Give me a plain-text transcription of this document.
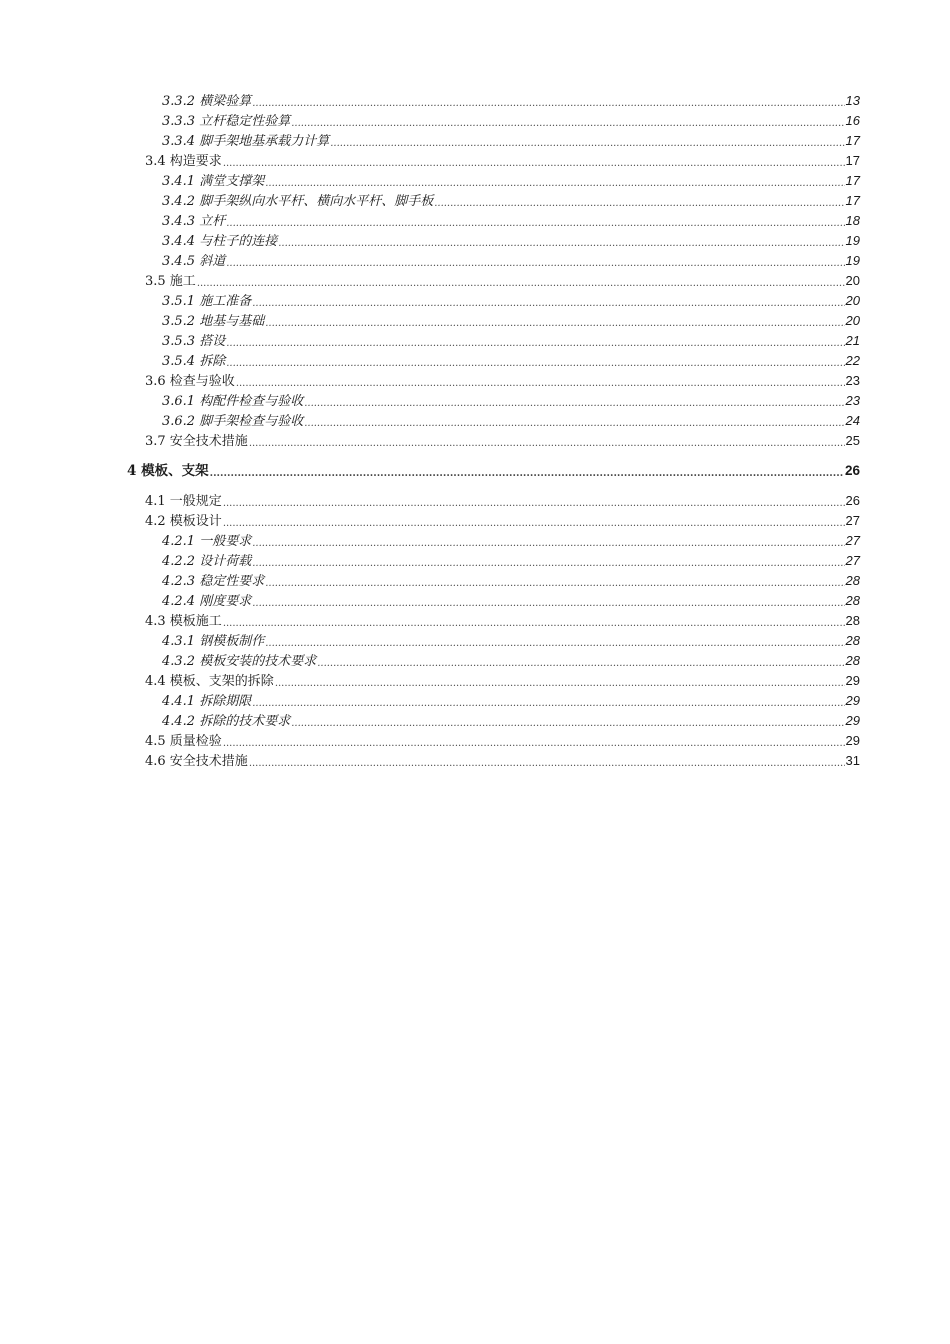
3.3.2 横梁验算 .....	13
3.3.3 立杆稳定性验算 .....	16
3.3.4 脚手架地基承载力计算 .....	17
3.4 构造要求 .....	17
3.4.1 满堂支撑架 .....	17
3.4.2 脚手架纵向水平杆、横向水平杆、脚手板 .....	17
3.4.3 立杆 .....	18
3.4.4 与柱子的连接 .....	19
3.4.5 斜道 .....	19
3.5 施工 .....	20
3.5.1 施工准备 .....	20
3.5.2 地基与基础 .....	20
3.5.3 搭设 .....	21
3.5.4 拆除 .....	22
3.6 检查与验收 .....	23
3.6.1 构配件检查与验收 .....	23
3.6.2 脚手架检查与验收 .....	24
3.7 安全技术措施 .....	25
4 模板、支架 .....	26
4.1 一般规定 .....	26
4.2 模板设计 .....	27
4.2.1 一般要求 .....	27
4.2.2 设计荷载 .....	27
4.2.3 稳定性要求 .....	28
4.2.4 刚度要求 .....	28
4.3 模板施工 .....	28
4.3.1 钢模板制作 .....	28
4.3.2 模板安装的技术要求 .....	28
4.4 模板、支架的拆除 .....	29
4.4.1 拆除期限 .....	29
4.4.2 拆除的技术要求 .....	29
4.5 质量检验 .....	29
4.6 安全技术措施 .....	31
